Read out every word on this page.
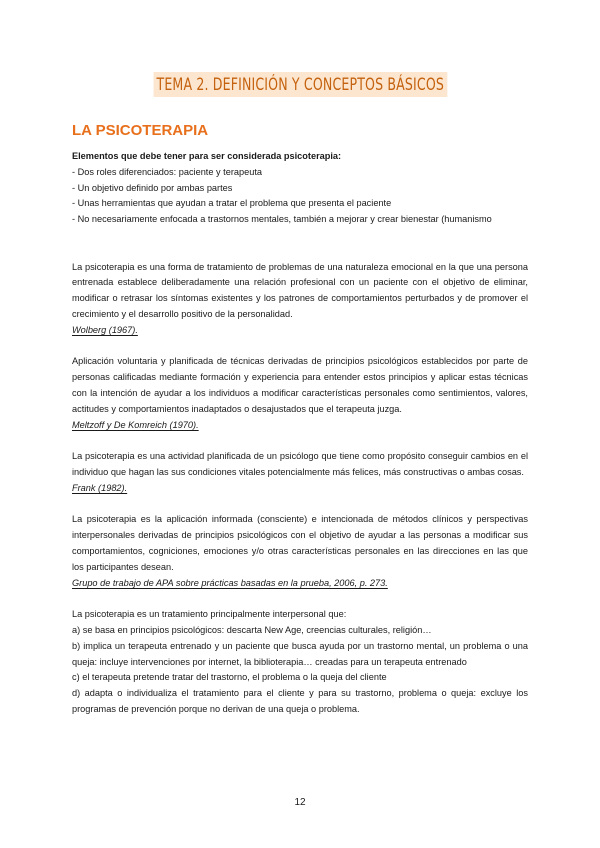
TEMA 2. DEFINICIÓN Y CONCEPTOS BÁSICOS
LA PSICOTERAPIA

Elementos que debe tener para ser considerada psicoterapia:

- Dos roles diferenciados: paciente y terapeuta

- Un objetivo definido por ambas partes

- Unas herramientas que ayudan a tratar el problema que presenta el paciente

- No necesariamente enfocada a trastornos mentales, también a mejorar y crear bienestar (humanismo

La psicoterapia es una forma de tratamiento de problemas de una naturaleza emocional en la que una persona entrenada establece deliberadamente una relación profesional con un paciente con el objetivo de eliminar, modificar o retrasar los síntomas existentes y los patrones de comportamientos perturbados y de promover el crecimiento y el desarrollo positivo de la personalidad.

Wolberg (1967).

Aplicación voluntaria y planificada de técnicas derivadas de principios psicológicos establecidos por parte de personas calificadas mediante formación y experiencia para entender estos principios y aplicar estas técnicas con la intención de ayudar a los individuos a modificar características personales como sentimientos, valores, actitudes y comportamientos inadaptados o desajustados que el terapeuta juzga.

Meltzoff y De Komreich (1970).

La psicoterapia es una actividad planificada de un psicólogo que tiene como propósito conseguir cambios en el individuo que hagan las sus condiciones vitales potencialmente más felices, más constructivas o ambas cosas.

Frank (1982).

La psicoterapia es la aplicación informada (consciente) e intencionada de métodos clínicos y perspectivas interpersonales derivadas de principios psicológicos con el objetivo de ayudar a las personas a modificar sus comportamientos, cogniciones, emociones y/o otras características personales en las direcciones en las que los participantes desean.

Grupo de trabajo de APA sobre prácticas basadas en la prueba, 2006, p. 273.

La psicoterapia es un tratamiento principalmente interpersonal que:

a) se basa en principios psicológicos: descarta New Age, creencias culturales, religión…

b) implica un terapeuta entrenado y un paciente que busca ayuda por un trastorno mental, un problema o una queja: incluye intervenciones por internet, la biblioterapia… creadas para un terapeuta entrenado

c) el terapeuta pretende tratar del trastorno, el problema o la queja del cliente

d) adapta o individualiza el tratamiento para el cliente y para su trastorno, problema o queja: excluye los programas de prevención porque no derivan de una queja o problema.

12
